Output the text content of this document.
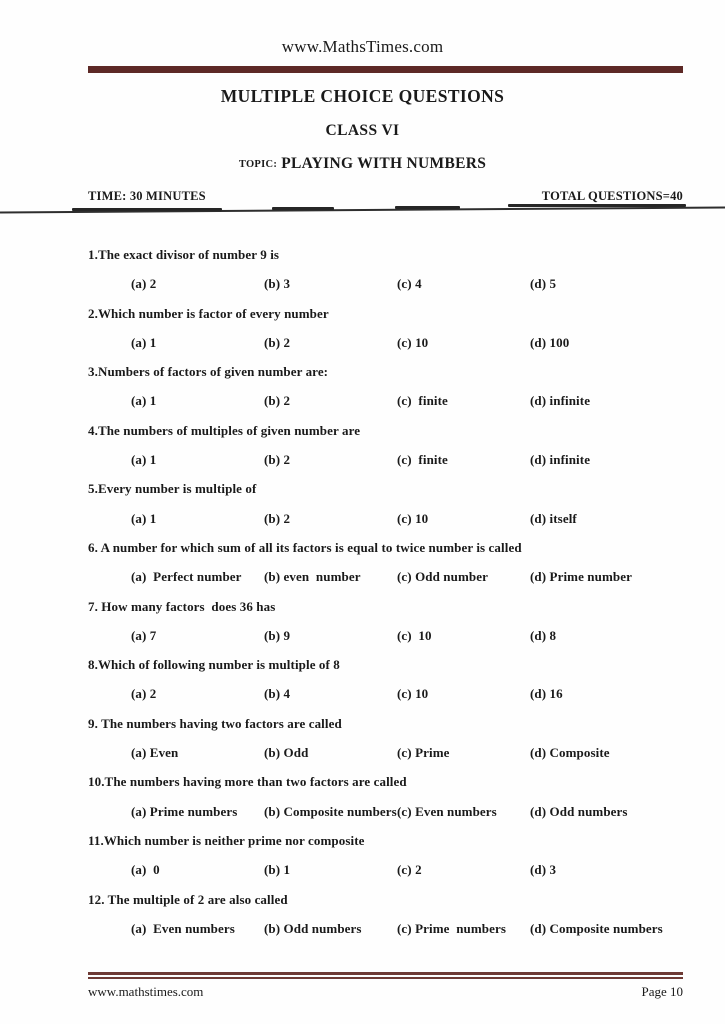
www.MathsTimes.com
MULTIPLE CHOICE QUESTIONS
CLASS VI
TOPIC: PLAYING WITH NUMBERS
TIME: 30 MINUTES	TOTAL QUESTIONS=40
1.The exact divisor of number 9 is
(a) 2	(b) 3	(c) 4	(d) 5
2.Which number is factor of every number
(a) 1	(b) 2	(c) 10	(d) 100
3.Numbers of factors of given number are:
(a) 1	(b) 2	(c)  finite	(d) infinite
4.The numbers of multiples of given number are
(a) 1	(b) 2	(c)  finite	(d) infinite
5.Every number is multiple of
(a) 1	(b) 2	(c) 10	(d) itself
6. A number for which sum of all its factors is equal to twice number is called
(a)  Perfect number (b) even  number	(c) Odd number	(d) Prime number
7. How many factors  does 36 has
(a) 7	(b) 9	(c)  10	(d) 8
8.Which of following number is multiple of 8
(a) 2	(b) 4	(c) 10	(d) 16
9. The numbers having two factors are called
(a) Even	(b) Odd	(c) Prime	(d) Composite
10.The numbers having more than two factors are called
(a) Prime numbers (b) Composite numbers(c) Even numbers	(d) Odd numbers
11.Which number is neither prime nor composite
(a)  0	(b) 1	(c) 2	(d) 3
12. The multiple of 2 are also called
(a)  Even numbers (b) Odd numbers	(c) Prime  numbers (d) Composite numbers
www.mathstimes.com	Page 10
